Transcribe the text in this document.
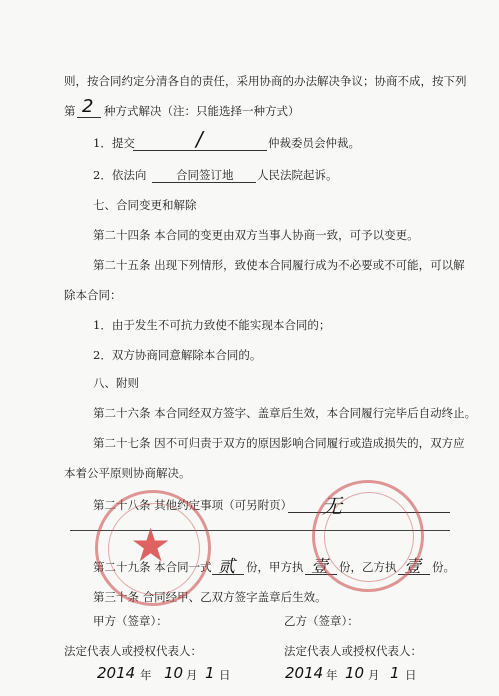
则，按合同约定分清各自的责任，采用协商的办法解决争议；协商不成，按下列
第 2 种方式解决（注：只能选择一种方式）
1．提交	/	仲裁委员会仲裁。
2．依法向	合同签订地 人民法院起诉。
七、合同变更和解除
第二十四条 本合同的变更由双方当事人协商一致，可予以变更。
第二十五条 出现下列情形，致使本合同履行成为不必要或不可能，可以解
除本合同：
1．由于发生不可抗力致使不能实现本合同的；
2．双方协商同意解除本合同的。
八、附则
第二十六条 本合同经双方签字、盖章后生效，本合同履行完毕后自动终止。
第二十七条 因不可归责于双方的原因影响合同履行或造成损失的，双方应
本着公平原则协商解决。
第二十八条 其他约定事项（可另附页） 无
第二十九条 本合同一式 贰 份，甲方执 壹 份，乙方执 壹 份。
第三十条 合同经甲、乙双方签字盖章后生效。
★
甲方（签章）：	乙方（签章）：
法定代表人或授权代表人：	法定代表人或授权代表人：
2014 年 10 月 1 日	2014 年 10 月 1 日
